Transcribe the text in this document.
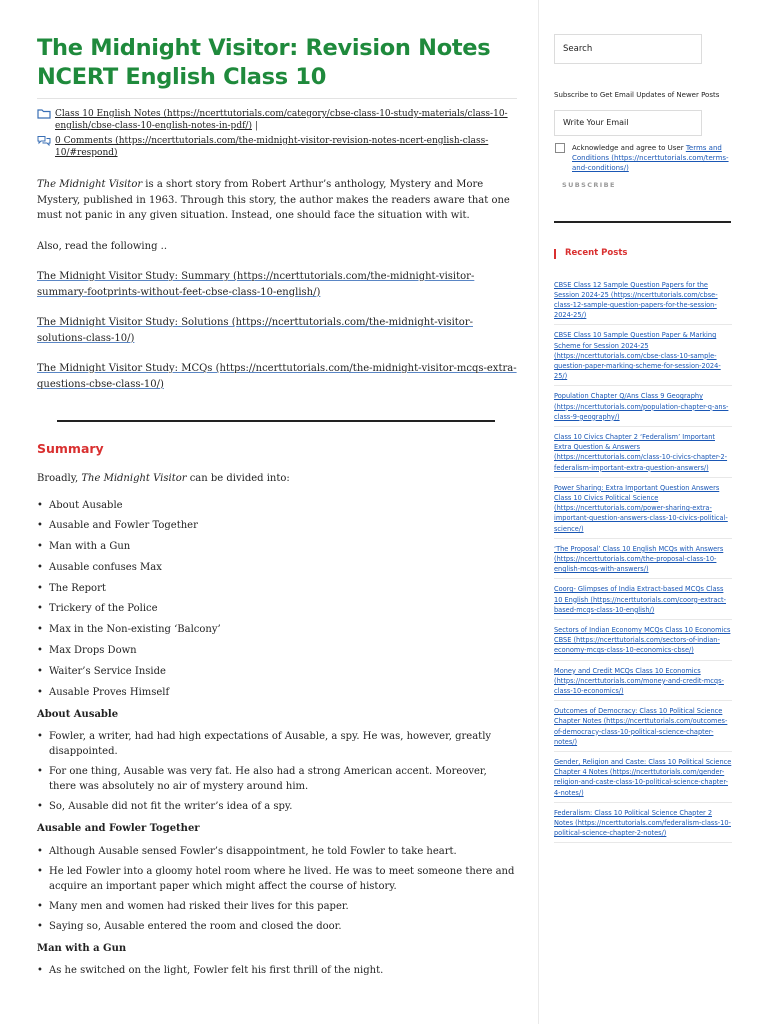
The Midnight Visitor: Revision Notes NCERT English Class 10
Class 10 English Notes (https://ncerttutorials.com/category/cbse-class-10-study-materials/class-10-english/cbse-class-10-english-notes-in-pdf/) |
0 Comments (https://ncerttutorials.com/the-midnight-visitor-revision-notes-ncert-english-class-10/#respond)

The Midnight Visitor is a short story from Robert Arthur’s anthology, Mystery and More Mystery, published in 1963. Through this story, the author makes the readers aware that one must not panic in any given situation. Instead, one should face the situation with wit.

Also, read the following ..

The Midnight Visitor Study: Summary (https://ncerttutorials.com/the-midnight-visitor-summary-footprints-without-feet-cbse-class-10-english/)

The Midnight Visitor Study: Solutions (https://ncerttutorials.com/the-midnight-visitor-solutions-class-10/)

The Midnight Visitor Study: MCQs (https://ncerttutorials.com/the-midnight-visitor-mcqs-extra-questions-cbse-class-10/)

Summary

Broadly, The Midnight Visitor can be divided into:

• About Ausable
• Ausable and Fowler Together
• Man with a Gun
• Ausable confuses Max
• The Report
• Trickery of the Police
• Max in the Non-existing ‘Balcony’
• Max Drops Down
• Waiter’s Service Inside
• Ausable Proves Himself
About Ausable
• Fowler, a writer, had had high expectations of Ausable, a spy. He was, however, greatly disappointed.
• For one thing, Ausable was very fat. He also had a strong American accent. Moreover, there was absolutely no air of mystery around him.
• So, Ausable did not fit the writer’s idea of a spy.
Ausable and Fowler Together
• Although Ausable sensed Fowler’s disappointment, he told Fowler to take heart.
• He led Fowler into a gloomy hotel room where he lived. He was to meet someone there and acquire an important paper which might affect the course of history.
• Many men and women had risked their lives for this paper.
• Saying so, Ausable entered the room and closed the door.
Man with a Gun
• As he switched on the light, Fowler felt his first thrill of the night.
Search
Subscribe to Get Email Updates of Newer Posts
Write Your Email
Acknowledge and agree to User Terms and Conditions (https://ncerttutorials.com/terms-and-conditions/)
SUBSCRIBE
Recent Posts
CBSE Class 12 Sample Question Papers for the Session 2024-25 (https://ncerttutorials.com/cbse-class-12-sample-question-papers-for-the-session-2024-25/)
CBSE Class 10 Sample Question Paper & Marking Scheme for Session 2024-25 (https://ncerttutorials.com/cbse-class-10-sample-question-paper-marking-scheme-for-session-2024-25/)
Population Chapter Q/Ans Class 9 Geography (https://ncerttutorials.com/population-chapter-q-ans-class-9-geography/)
Class 10 Civics Chapter 2 ‘Federalism’ Important Extra Question & Answers (https://ncerttutorials.com/class-10-civics-chapter-2-federalism-important-extra-question-answers/)
Power Sharing: Extra Important Question Answers Class 10 Civics Political Science (https://ncerttutorials.com/power-sharing-extra-important-question-answers-class-10-civics-political-science/)
‘The Proposal’ Class 10 English MCQs with Answers (https://ncerttutorials.com/the-proposal-class-10-english-mcqs-with-answers/)
Coorg- Glimpses of India Extract-based MCQs Class 10 English (https://ncerttutorials.com/coorg-extract-based-mcqs-class-10-english/)
Sectors of Indian Economy MCQs Class 10 Economics CBSE (https://ncerttutorials.com/sectors-of-indian-economy-mcqs-class-10-economics-cbse/)
Money and Credit MCQs Class 10 Economics (https://ncerttutorials.com/money-and-credit-mcqs-class-10-economics/)
Outcomes of Democracy: Class 10 Political Science Chapter Notes (https://ncerttutorials.com/outcomes-of-democracy-class-10-political-science-chapter-notes/)
Gender, Religion and Caste: Class 10 Political Science Chapter 4 Notes (https://ncerttutorials.com/gender-religion-and-caste-class-10-political-science-chapter-4-notes/)
Federalism: Class 10 Political Science Chapter 2 Notes (https://ncerttutorials.com/federalism-class-10-political-science-chapter-2-notes/)
